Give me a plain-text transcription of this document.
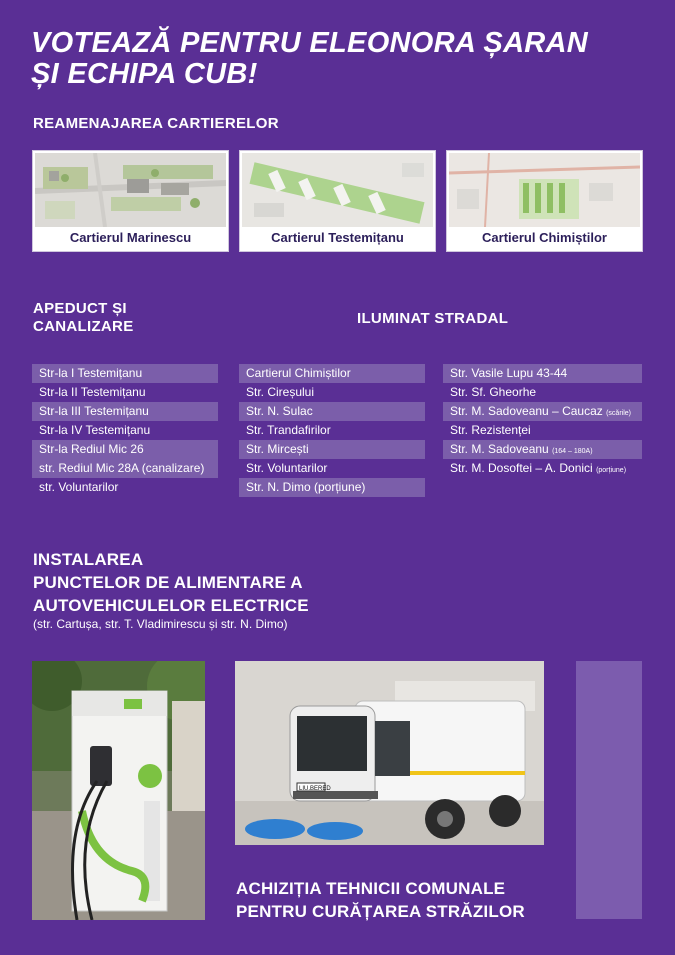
VOTEAZĂ PENTRU ELEONORA ȘARAN
ȘI ECHIPA CUB!
REAMENAJAREA CARTIERELOR
Cartierul Marinescu	Cartierul Testemițanu	Cartierul Chimiștilor
APEDUCT ȘI
CANALIZARE	ILUMINAT STRADAL
Str-la I Testemițanu
Str-la II Testemițanu
Str-la III Testemițanu
Str-la IV Testemițanu
Str-la Rediul Mic 26
str. Rediul Mic 28A (canalizare)
str. Voluntarilor
Cartierul Chimiștilor
Str. Cireșului
Str. N. Sulac
Str. Trandafirilor
Str. Mircești
Str. Voluntarilor
Str. N. Dimo (porțiune)
Str. Vasile Lupu 43-44
Str. Sf. Gheorhe
Str. M. Sadoveanu – Caucaz (scările)
Str. Rezistenței
Str. M. Sadoveanu (164 – 180A)
Str. M. Dosoftei – A. Donici (porțiune)
INSTALAREA
PUNCTELOR DE ALIMENTARE A
AUTOVEHICULELOR ELECTRICE
(str. Cartușa, str. T. Vladimirescu și str. N. Dimo)
LIU.BERED
ACHIZIȚIA TEHNICII COMUNALE
PENTRU CURĂȚAREA STRĂZILOR
